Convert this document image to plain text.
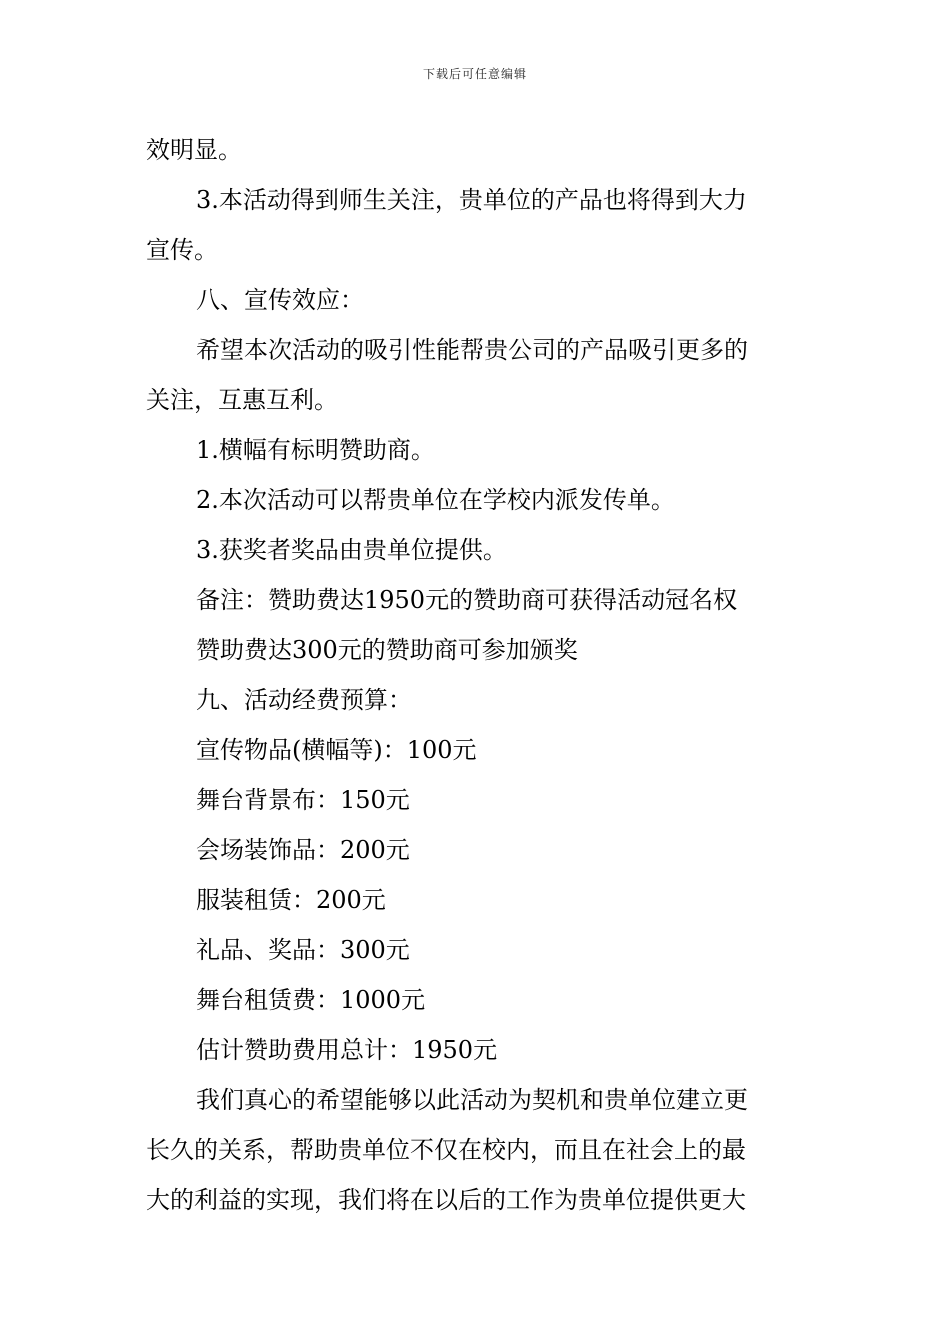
下载后可任意编辑
效明显。
3.本活动得到师生关注，贵单位的产品也将得到大力
宣传。
八、宣传效应：
希望本次活动的吸引性能帮贵公司的产品吸引更多的
关注，互惠互利。
1.横幅有标明赞助商。
2.本次活动可以帮贵单位在学校内派发传单。
3.获奖者奖品由贵单位提供。
备注：赞助费达1950元的赞助商可获得活动冠名权
赞助费达300元的赞助商可参加颁奖
九、活动经费预算：
宣传物品(横幅等)：100元
舞台背景布：150元
会场装饰品：200元
服装租赁：200元
礼品、奖品：300元
舞台租赁费：1000元
估计赞助费用总计：1950元
我们真心的希望能够以此活动为契机和贵单位建立更
长久的关系，帮助贵单位不仅在校内，而且在社会上的最
大的利益的实现，我们将在以后的工作为贵单位提供更大
